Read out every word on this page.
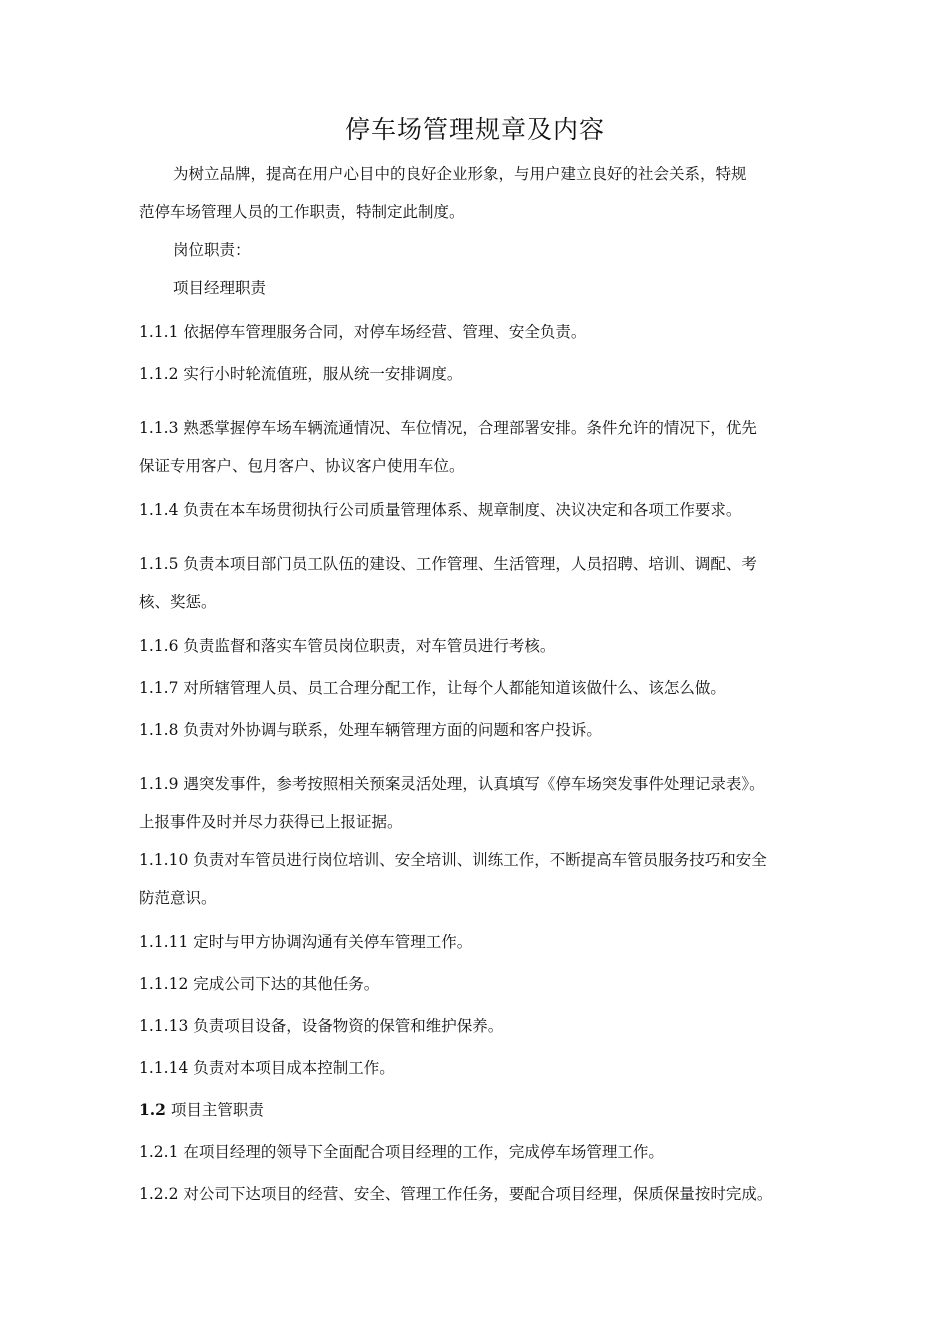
停车场管理规章及内容
为树立品牌，提高在用户心目中的良好企业形象，与用户建立良好的社会关系，特规
范停车场管理人员的工作职责，特制定此制度。
岗位职责：
项目经理职责
1.1.1 依据停车管理服务合同，对停车场经营、管理、安全负责。
1.1.2 实行小时轮流值班，服从统一安排调度。
1.1.3 熟悉掌握停车场车辆流通情况、车位情况，合理部署安排。条件允许的情况下，优先
保证专用客户、包月客户、协议客户使用车位。
1.1.4 负责在本车场贯彻执行公司质量管理体系、规章制度、决议决定和各项工作要求。
1.1.5 负责本项目部门员工队伍的建设、工作管理、生活管理，人员招聘、培训、调配、考
核、奖惩。
1.1.6 负责监督和落实车管员岗位职责，对车管员进行考核。
1.1.7 对所辖管理人员、员工合理分配工作，让每个人都能知道该做什么、该怎么做。
1.1.8 负责对外协调与联系，处理车辆管理方面的问题和客户投诉。
1.1.9 遇突发事件，参考按照相关预案灵活处理，认真填写《停车场突发事件处理记录表》。
上报事件及时并尽力获得已上报证据。
1.1.10 负责对车管员进行岗位培训、安全培训、训练工作，不断提高车管员服务技巧和安全
防范意识。
1.1.11 定时与甲方协调沟通有关停车管理工作。
1.1.12 完成公司下达的其他任务。
1.1.13 负责项目设备，设备物资的保管和维护保养。
1.1.14 负责对本项目成本控制工作。
1.2 项目主管职责
1.2.1 在项目经理的领导下全面配合项目经理的工作，完成停车场管理工作。
1.2.2 对公司下达项目的经营、安全、管理工作任务，要配合项目经理，保质保量按时完成。
